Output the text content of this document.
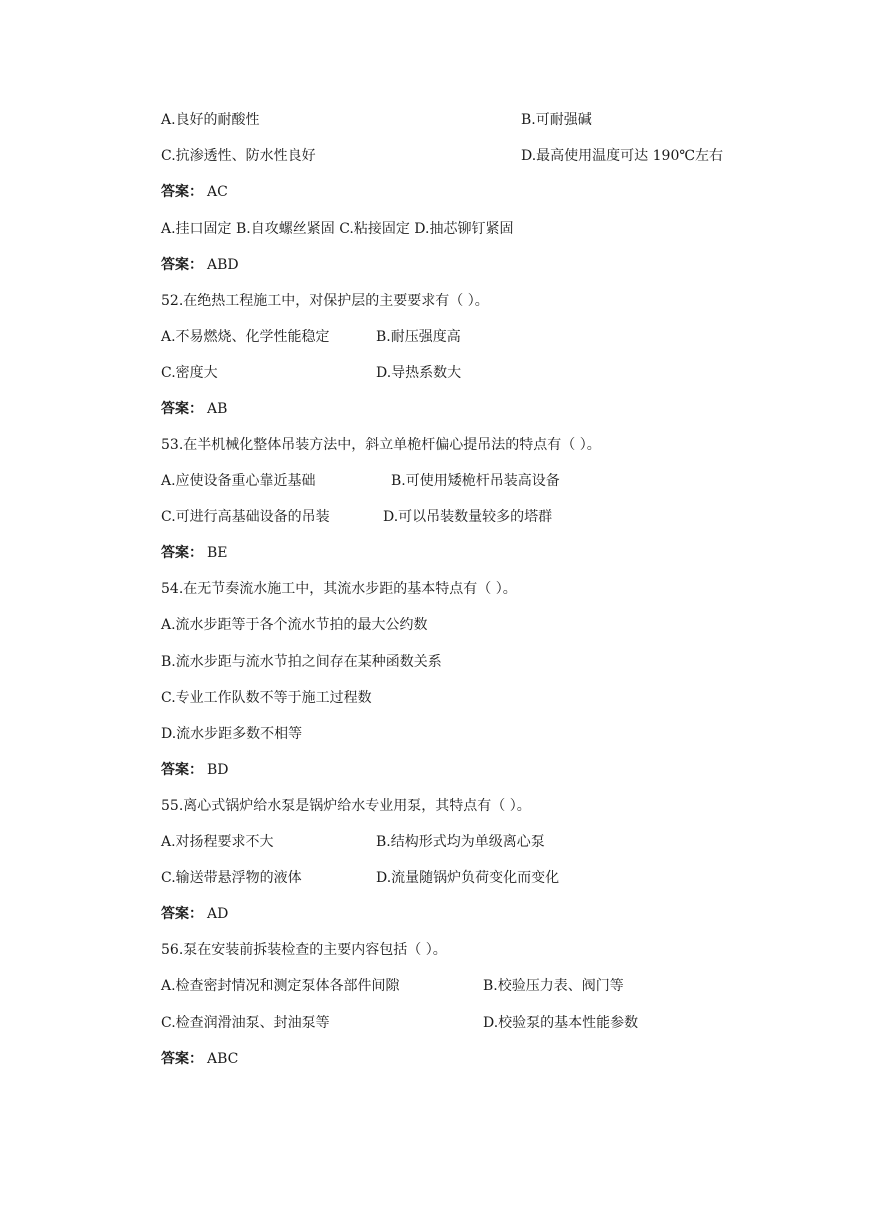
A.良好的耐酸性	B.可耐强碱
C.抗渗透性、防水性良好	D.最高使用温度可达 190℃左右
答案： AC
A.挂口固定 B.自攻螺丝紧固 C.粘接固定 D.抽芯铆钉紧固
答案： ABD
52.在绝热工程施工中，对保护层的主要要求有（ ）。
A.不易燃烧、化学性能稳定	B.耐压强度高
C.密度大	D.导热系数大
答案： AB
53.在半机械化整体吊装方法中，斜立单桅杆偏心提吊法的特点有（ ）。
A.应使设备重心靠近基础	B.可使用矮桅杆吊装高设备
C.可进行高基础设备的吊装	D.可以吊装数量较多的塔群
答案： BE
54.在无节奏流水施工中，其流水步距的基本特点有（ ）。
A.流水步距等于各个流水节拍的最大公约数
B.流水步距与流水节拍之间存在某种函数关系
C.专业工作队数不等于施工过程数
D.流水步距多数不相等
答案： BD
55.离心式锅炉给水泵是锅炉给水专业用泵，其特点有（ ）。
A.对扬程要求不大	B.结构形式均为单级离心泵
C.输送带悬浮物的液体	D.流量随锅炉负荷变化而变化
答案： AD
56.泵在安装前拆装检查的主要内容包括（ ）。
A.检查密封情况和测定泵体各部件间隙	B.校验压力表、阀门等
C.检查润滑油泵、封油泵等	D.校验泵的基本性能参数
答案： ABC
